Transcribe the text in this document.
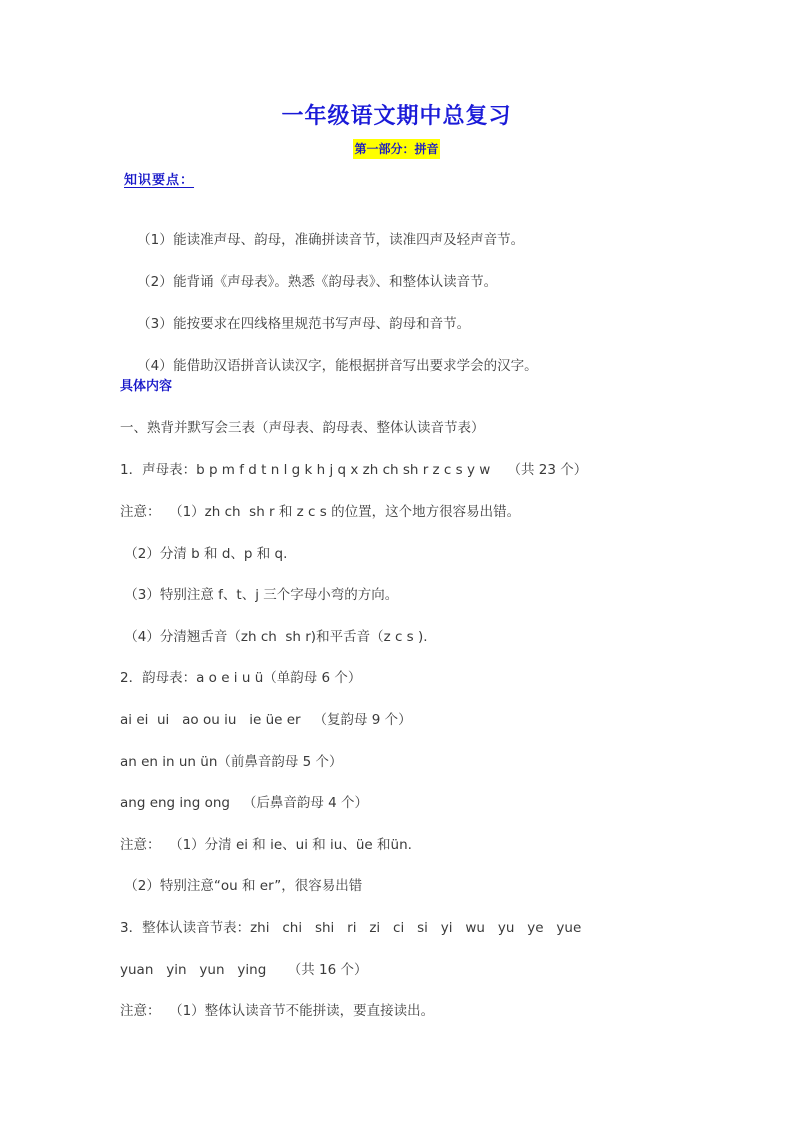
一年级语文期中总复习
第一部分：拼音
知识要点：

（1）能读准声母、韵母，准确拼读音节，读准四声及轻声音节。

（2）能背诵《声母表》。熟悉《韵母表》、和整体认读音节。

（3）能按要求在四线格里规范书写声母、韵母和音节。

（4）能借助汉语拼音认读汉字，能根据拼音写出要求学会的汉字。

具体内容
一、熟背并默写会三表（声母表、韵母表、整体认读音节表）
1．声母表：b p m f d t n l g k h j q x zh ch sh r z c s y w    （共 23 个）
注意：  （1）zh ch  sh r 和 z c s 的位置，这个地方很容易出错。
（2）分清 b 和 d、p 和 q.
（3）特别注意 f、t、j 三个字母小弯的方向。
（4）分清翘舌音（zh ch  sh r)和平舌音（z c s ).
2．韵母表：a o e i u ü（单韵母 6 个）
ai ei  ui   ao ou iu   ie üe er   （复韵母 9 个）
an en in un ün（前鼻音韵母 5 个）
ang eng ing ong   （后鼻音韵母 4 个）
注意：  （1）分清 ei 和 ie、ui 和 iu、üe 和ün.
（2）特别注意“ou 和 er”，很容易出错
3．整体认读音节表：zhi   chi   shi   ri   zi   ci   si   yi   wu   yu   ye   yue
yuan   yin   yun   ying     （共 16 个）
注意：  （1）整体认读音节不能拼读，要直接读出。
